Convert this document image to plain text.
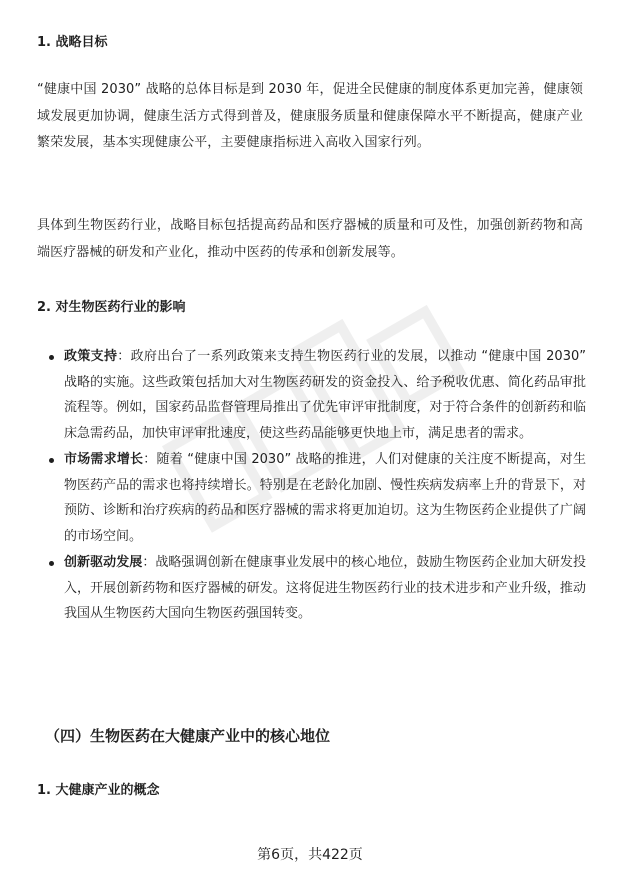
1. 战略目标
“健康中国 2030” 战略的总体目标是到 2030 年，促进全民健康的制度体系更加完善，健康领域发展更加协调，健康生活方式得到普及，健康服务质量和健康保障水平不断提高，健康产业繁荣发展，基本实现健康公平，主要健康指标进入高收入国家行列。
具体到生物医药行业，战略目标包括提高药品和医疗器械的质量和可及性，加强创新药物和高端医疗器械的研发和产业化，推动中医药的传承和创新发展等。
2. 对生物医药行业的影响
政策支持：政府出台了一系列政策来支持生物医药行业的发展，以推动 “健康中国 2030” 战略的实施。这些政策包括加大对生物医药研发的资金投入、给予税收优惠、简化药品审批流程等。例如，国家药品监督管理局推出了优先审评审批制度，对于符合条件的创新药和临床急需药品，加快审评审批速度，使这些药品能够更快地上市，满足患者的需求。
市场需求增长：随着 “健康中国 2030” 战略的推进，人们对健康的关注度不断提高，对生物医药产品的需求也将持续增长。特别是在老龄化加剧、慢性疾病发病率上升的背景下，对预防、诊断和治疗疾病的药品和医疗器械的需求将更加迫切。这为生物医药企业提供了广阔的市场空间。
创新驱动发展：战略强调创新在健康事业发展中的核心地位，鼓励生物医药企业加大研发投入，开展创新药物和医疗器械的研发。这将促进生物医药行业的技术进步和产业升级，推动我国从生物医药大国向生物医药强国转变。
（四）生物医药在大健康产业中的核心地位
1. 大健康产业的概念
第6页，共422页
